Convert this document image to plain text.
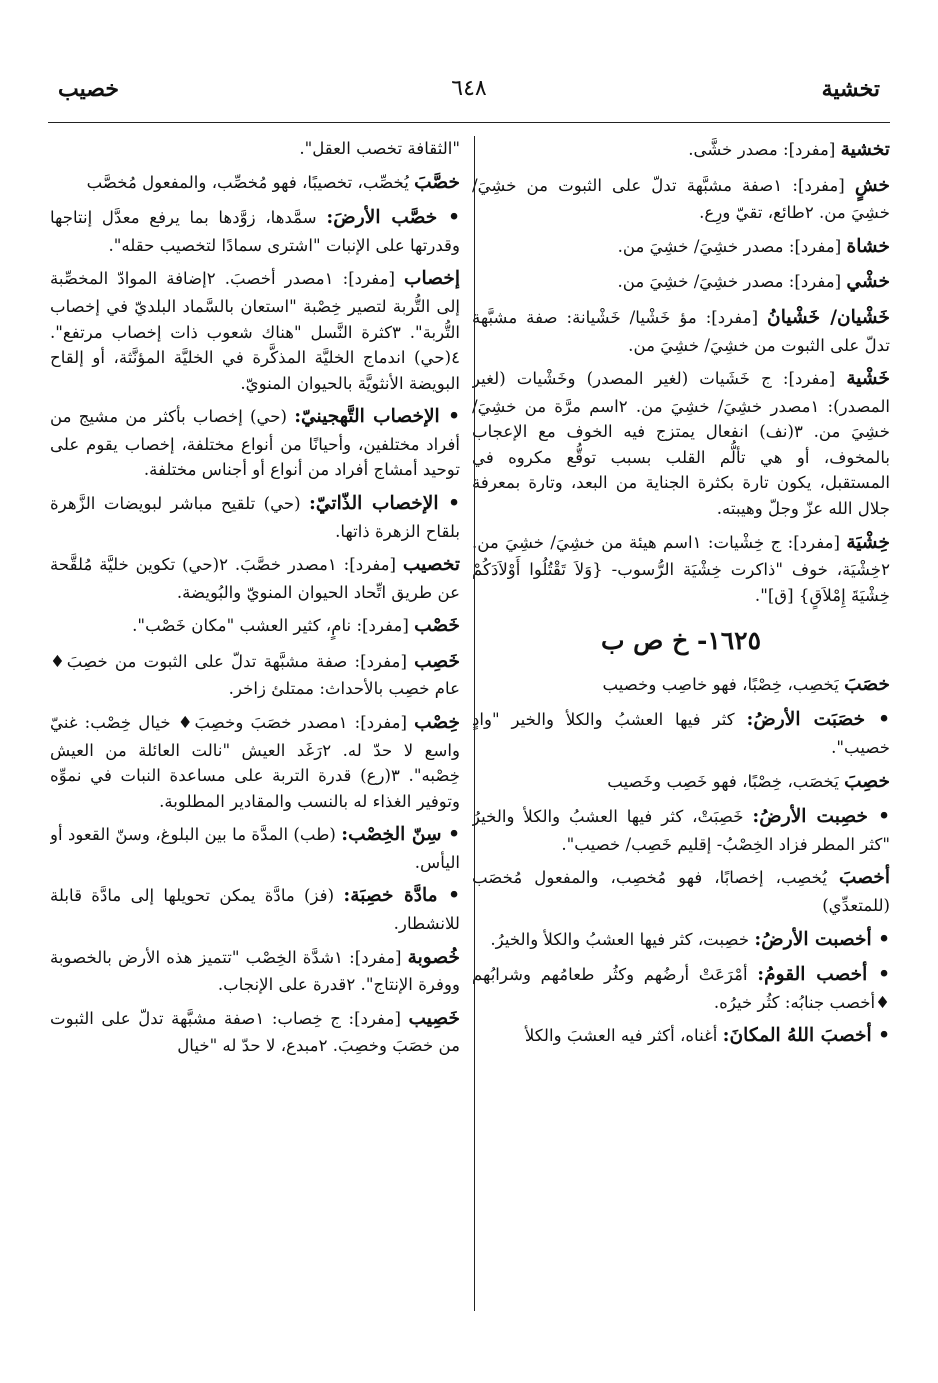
تخشية
٦٤٨
خصيب

تخشية [مفرد]: مصدر خشَّى.

خشٍ [مفرد]: ١صفة مشبَّهة تدلّ على الثبوت من خشِيَ/ خشِيَ من. ٢طائع، تقيّ ورِع.

خشاة [مفرد]: مصدر خشِيَ/ خشِيَ من.

خشْي [مفرد]: مصدر خشِيَ/ خشِيَ من.

خَشْيان/ خَشْيانُ [مفرد]: مؤ خَشْيا/ خَشْيانة: صفة مشبَّهة تدلّ على الثبوت من خشِيَ/ خشِيَ من.

خَشْية [مفرد]: ج خَشَيات (لغير المصدر) وخَشْيات (لغير المصدر): ١مصدر خشِيَ/ خشِيَ من. ٢اسم مرَّة من خشِيَ/ خشِيَ من. ٣(نف) انفعال يمتزج فيه الخوف مع الإعجاب بالمخوف، أو هي تألُّم القلب بسبب توقُّع مكروه في المستقبل، يكون تارة بكثرة الجناية من البعد، وتارة بمعرفة جلال الله عزّ وجلّ وهيبته.

خِشْيَة [مفرد]: ج خِشْيات: ١اسم هيئة من خشِيَ/ خشِيَ من. ٢خِشْيَة، خوف "ذاكرت خِشْيَة الرُّسوب- {وَلاَ تَقْتُلُوا أَوْلاَدَكُمْ خِشْيَةَ إِمْلاَقٍ} [ق]".

١٦٢٥- خ ص ب

خصَبَ يَخصِب، خِصْبًا، فهو خاصِب وخصيب

• خصَبَت الأرضُ: كثر فيها العشبُ والكلأ والخير "وادٍ خصيب".

خصِبَ يَخصَب، خِصْبًا، فهو خَصِب وخَصيب

• خصِبت الأرضُ: خَصِبَتْ، كثر فيها العشبُ والكلأ والخيرُ "كثر المطر فزاد الخِصْبُ- إقليم خَصِب/ خصيب".

أخصبَ يُخصِب، إخصابًا، فهو مُخصِب، والمفعول مُخصَب (للمتعدِّي)

• أخصبت الأرضُ: خصِبت، كثر فيها العشبُ والكلأ والخيرُ.

• أخصب القومُ: أمْرَعَتْ أرضُهم وكثُر طعامُهم وشرابُهم ♦أخصب جنابُه: كثُر خيرُه.

• أخصبَ اللهُ المكانَ: أغناه، أكثر فيه العشبَ والكلأ

"الثقافة تخصب العقل".

خصَّبَ يُخصِّب، تخصيبًا، فهو مُخصِّب، والمفعول مُخصَّب

• خصَّب الأرضَ: سمَّدها، زوَّدها بما يرفع معدَّل إنتاجها وقدرتها على الإنبات "اشترى سمادًا لتخصيب حقله".

إخصاب [مفرد]: ١مصدر أخصبَ. ٢إضافة الموادّ المخصِّبة إلى التُّربة لتصير خِصْبة "استعان بالسَّماد البلديّ في إخصاب التُّربة". ٣كثرة النَّسل "هناك شعوب ذات إخصاب مرتفع". ٤(حي) اندماج الخليَّة المذكَّرة في الخليَّة المؤنَّثة، أو إلقاح البويضة الأنثويَّة بالحيوان المنويّ.

• الإخصاب التَّهجينيّ: (حي) إخصاب بأكثر من مشيج من أفراد مختلفين، وأحيانًا من أنواع مختلفة، إخصاب يقوم على توحيد أمشاج أفراد من أنواع أو أجناس مختلفة.

• الإخصاب الذّاتيّ: (حي) تلقيح مباشر لبويضات الزَّهرة بلقاح الزهرة ذاتها.

تخصيب [مفرد]: ١مصدر خصَّبَ. ٢(حي) تكوين خليَّة مُلقَّحة عن طريق اتِّحاد الحيوان المنويّ والبُويضة.

خَصْب [مفرد]: نامٍ، كثير العشب "مكان خَصْب".

خَصِب [مفرد]: صفة مشبَّهة تدلّ على الثبوت من خصِبَ♦ عام خصِب بالأحداث: ممتلئ زاخر.

خِصْب [مفرد]: ١مصدر خصَبَ وخصِبَ♦ خيال خِصْب: غنيّ واسع لا حدّ له. ٢رَغَد العيش "نالت العائلة من العيش خِصْبه". ٣(رع) قدرة التربة على مساعدة النبات في نموِّه وتوفير الغذاء له بالنسب والمقادير المطلوبة.

• سِنّ الخِصْب: (طب) المدَّة ما بين البلوغ، وسنّ القعود أو اليأس.

• مادَّة خصِبَة: (فز) مادَّة يمكن تحويلها إلى مادَّة قابلة للانشطار.

خُصوبة [مفرد]: ١شدَّة الخِصْب "تتميز هذه الأرض بالخصوبة ووفرة الإنتاج". ٢قدرة على الإنجاب.

خَصِيب [مفرد]: ج خِصاب: ١صفة مشبَّهة تدلّ على الثبوت من خصَبَ وخصِبَ. ٢مبدع، لا حدّ له "خيال
